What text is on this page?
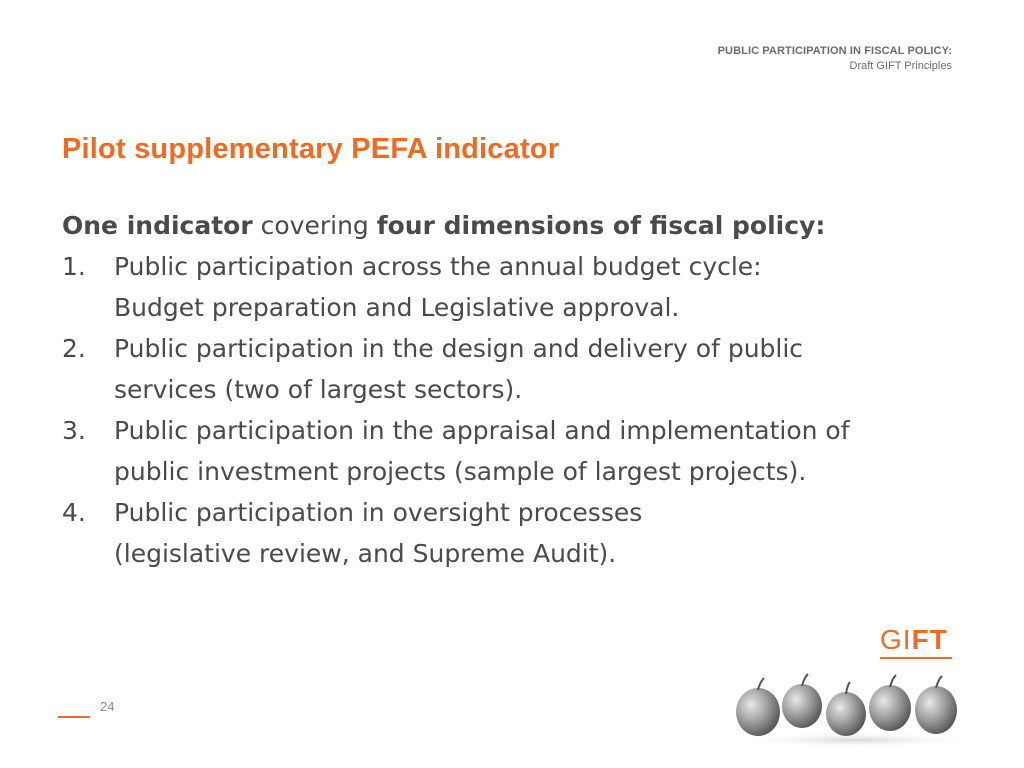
PUBLIC PARTICIPATION IN FISCAL POLICY:
Draft GIFT Principles
Pilot supplementary PEFA indicator
One indicator covering four dimensions of fiscal policy:
1. Public participation across the annual budget cycle:
Budget preparation and Legislative approval.
2. Public participation in the design and delivery of public
services (two of largest sectors).
3. Public participation in the appraisal and implementation of
public investment projects (sample of largest projects).
4. Public participation in oversight processes
(legislative review, and Supreme Audit).
24
GIFT
